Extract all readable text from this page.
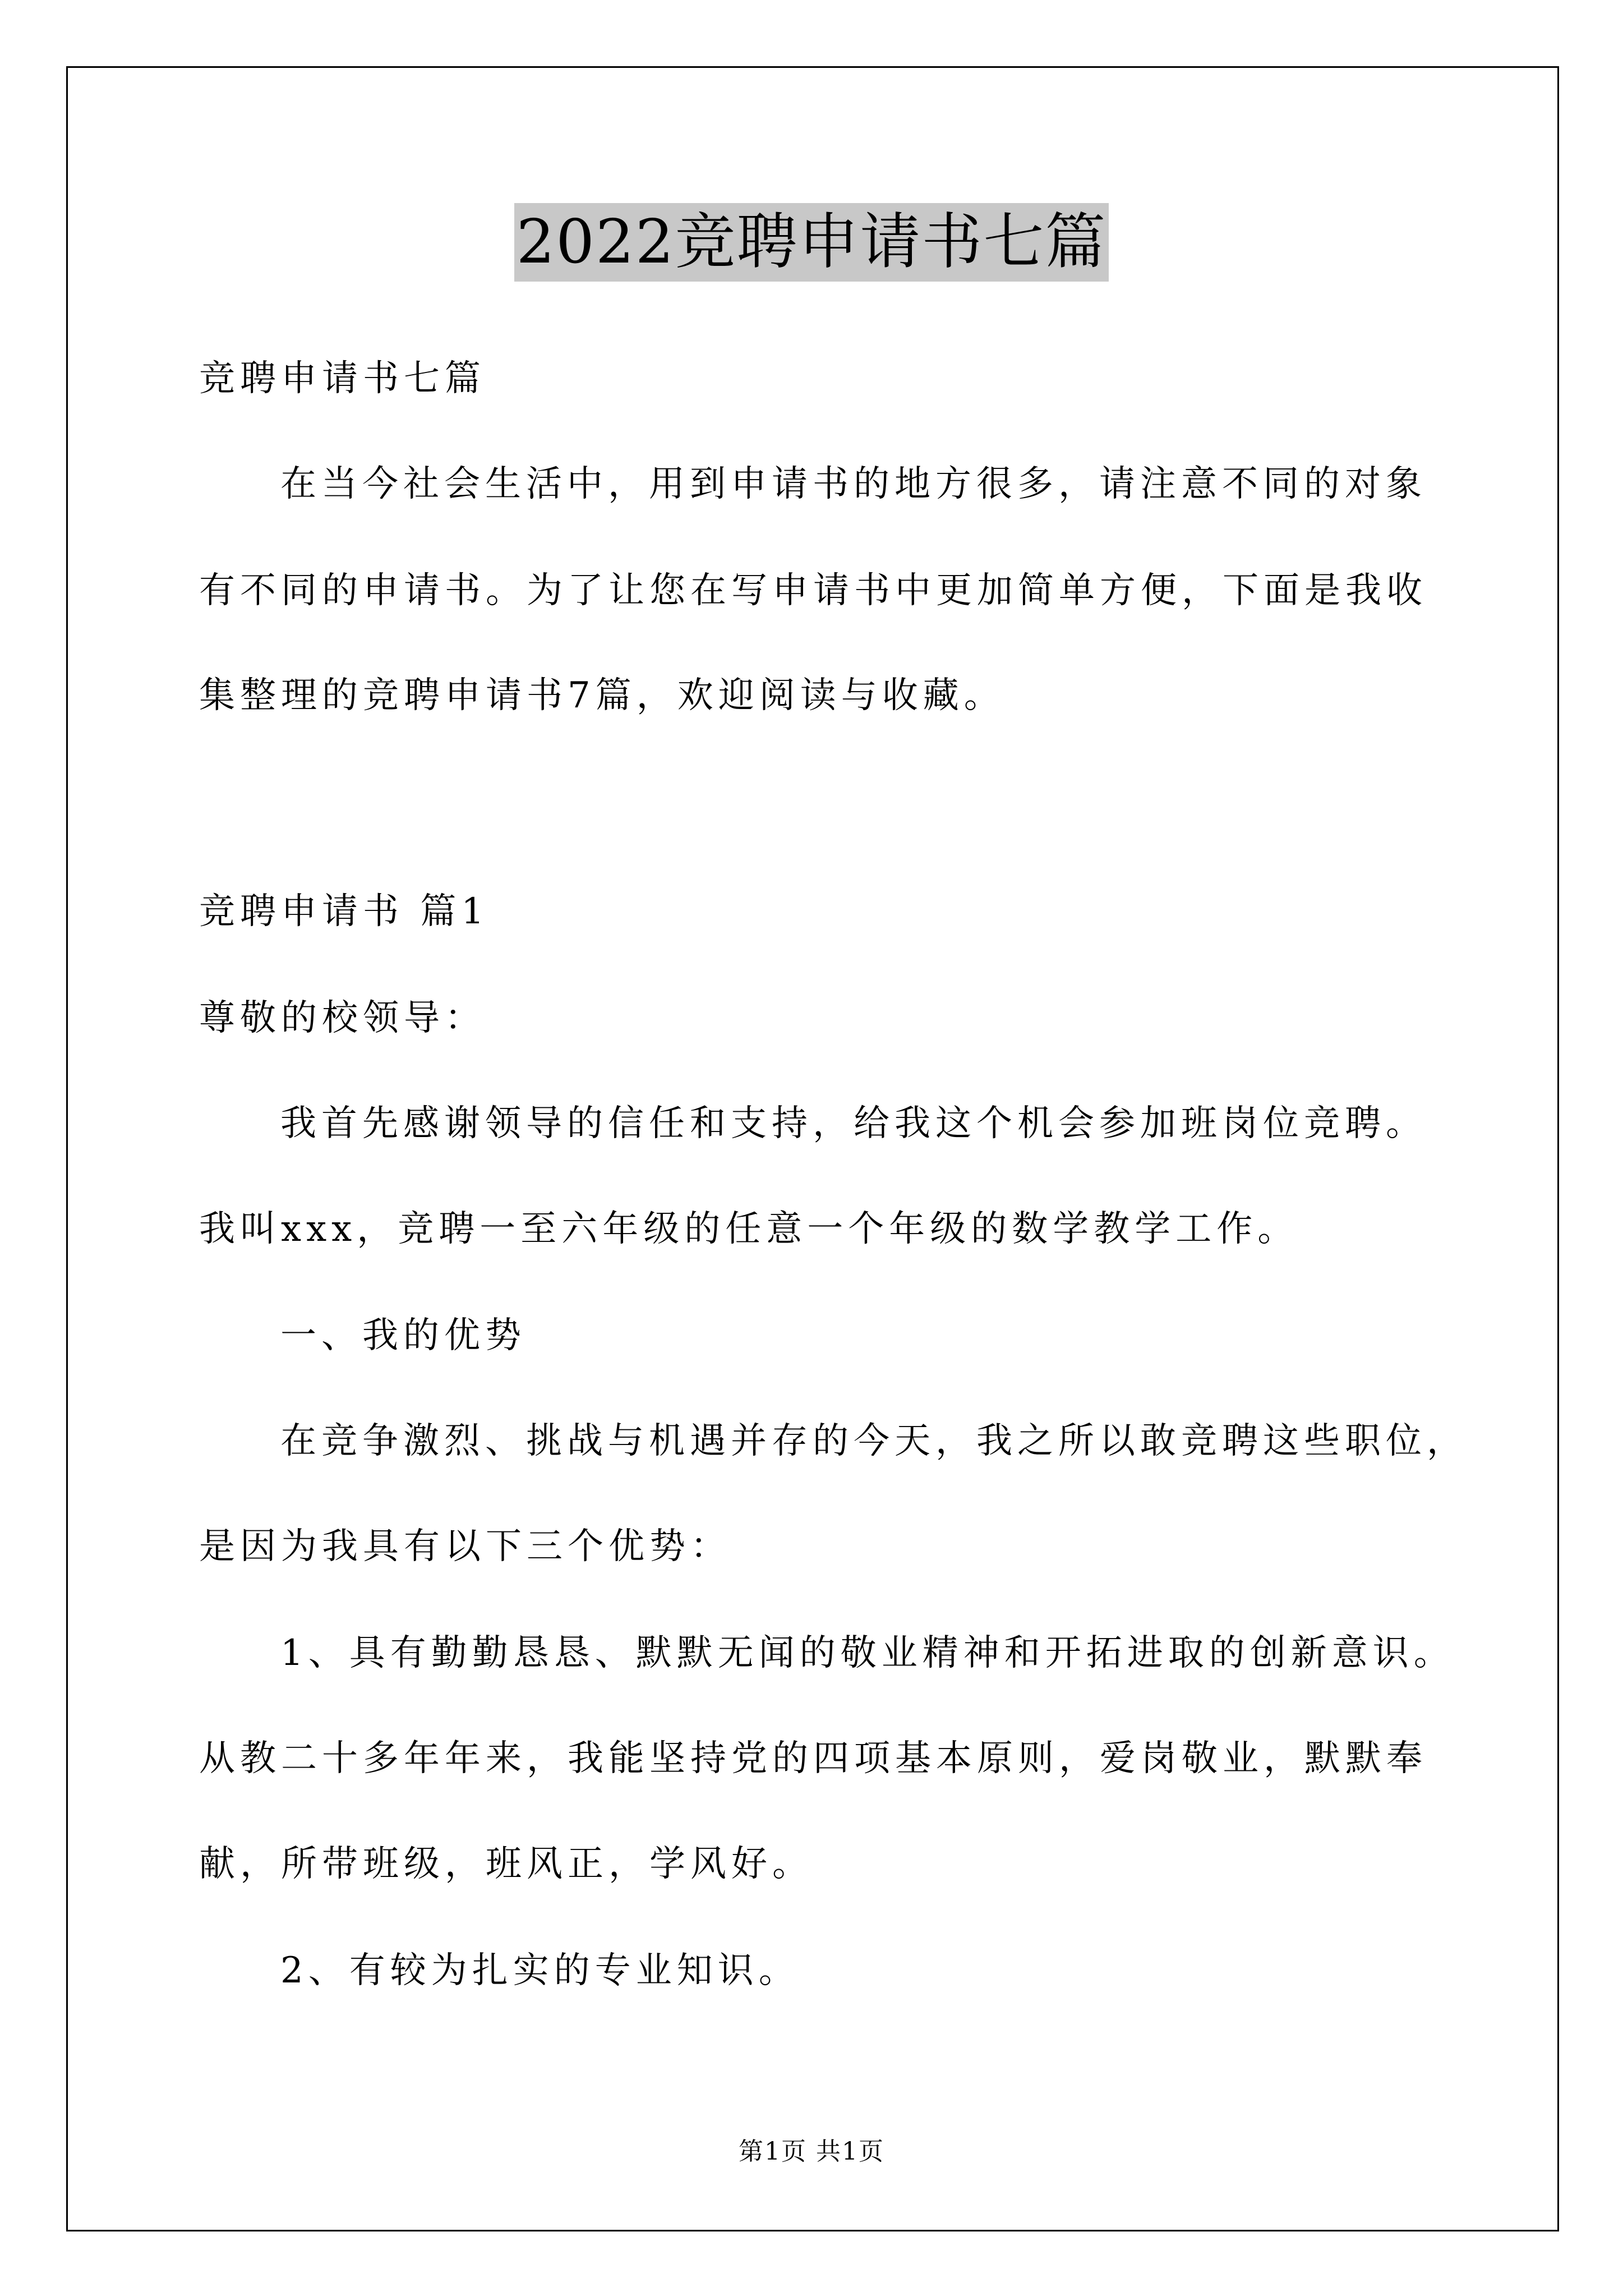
2022竞聘申请书七篇
竞聘申请书七篇
在当今社会生活中，用到申请书的地方很多，请注意不同的对象
有不同的申请书。为了让您在写申请书中更加简单方便，下面是我收
集整理的竞聘申请书7篇，欢迎阅读与收藏。
竞聘申请书 篇1
尊敬的校领导：
我首先感谢领导的信任和支持，给我这个机会参加班岗位竞聘。
我叫xxx，竞聘一至六年级的任意一个年级的数学教学工作。
一、我的优势
在竞争激烈、挑战与机遇并存的今天，我之所以敢竞聘这些职位，
是因为我具有以下三个优势：
1、具有勤勤恳恳、默默无闻的敬业精神和开拓进取的创新意识。
从教二十多年年来，我能坚持党的四项基本原则，爱岗敬业，默默奉
献，所带班级，班风正，学风好。
2、有较为扎实的专业知识。
第1页 共1页
